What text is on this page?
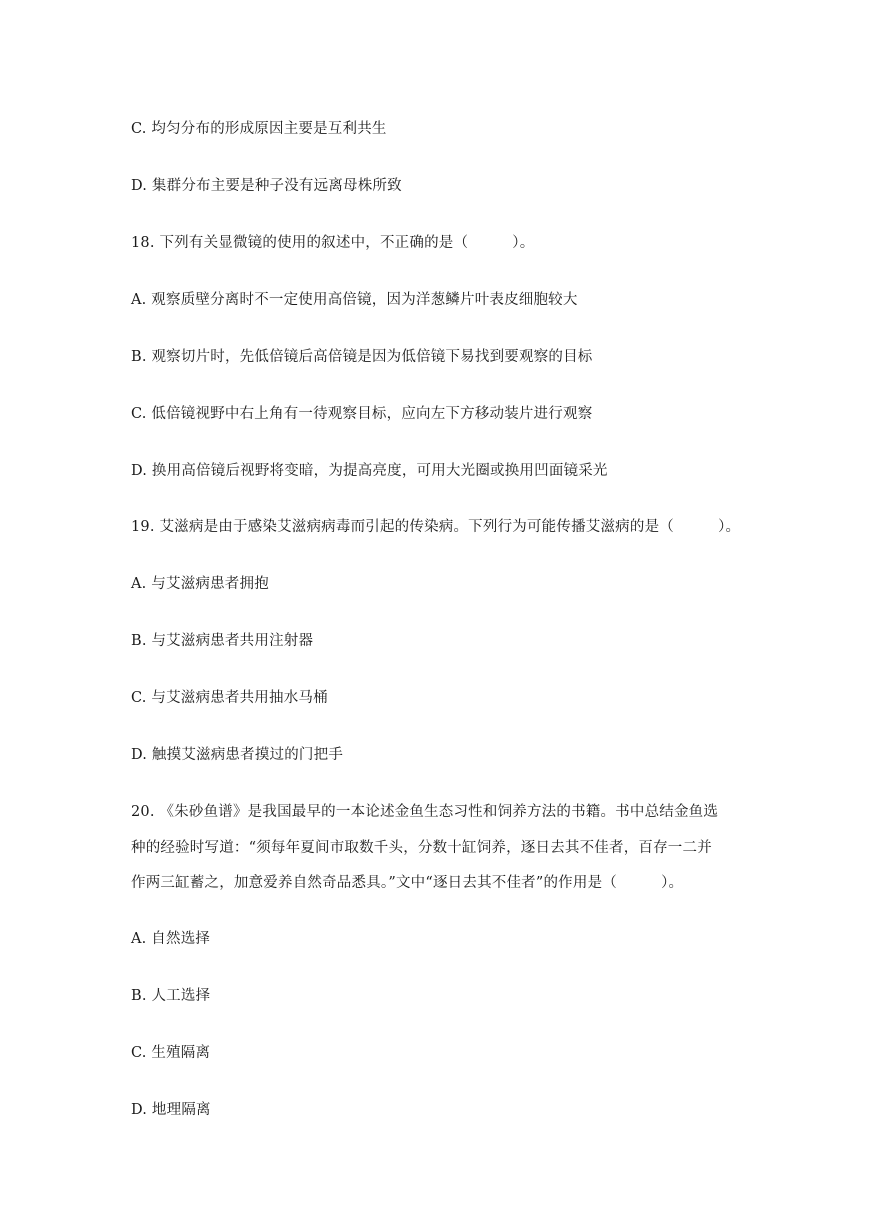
C. 均匀分布的形成原因主要是互利共生
D. 集群分布主要是种子没有远离母株所致
18. 下列有关显微镜的使用的叙述中，不正确的是（　　　）。
A. 观察质壁分离时不一定使用高倍镜，因为洋葱鳞片叶表皮细胞较大
B. 观察切片时，先低倍镜后高倍镜是因为低倍镜下易找到要观察的目标
C. 低倍镜视野中右上角有一待观察目标，应向左下方移动装片进行观察
D. 换用高倍镜后视野将变暗，为提高亮度，可用大光圈或换用凹面镜采光
19. 艾滋病是由于感染艾滋病病毒而引起的传染病。下列行为可能传播艾滋病的是（　　　）。
A. 与艾滋病患者拥抱
B. 与艾滋病患者共用注射器
C. 与艾滋病患者共用抽水马桶
D. 触摸艾滋病患者摸过的门把手
20. 《朱砂鱼谱》是我国最早的一本论述金鱼生态习性和饲养方法的书籍。书中总结金鱼选
种的经验时写道：“须每年夏间市取数千头，分数十缸饲养，逐日去其不佳者，百存一二并
作两三缸蓄之，加意爱养自然奇品悉具。”文中“逐日去其不佳者”的作用是（　　　）。
A. 自然选择
B. 人工选择
C. 生殖隔离
D. 地理隔离
